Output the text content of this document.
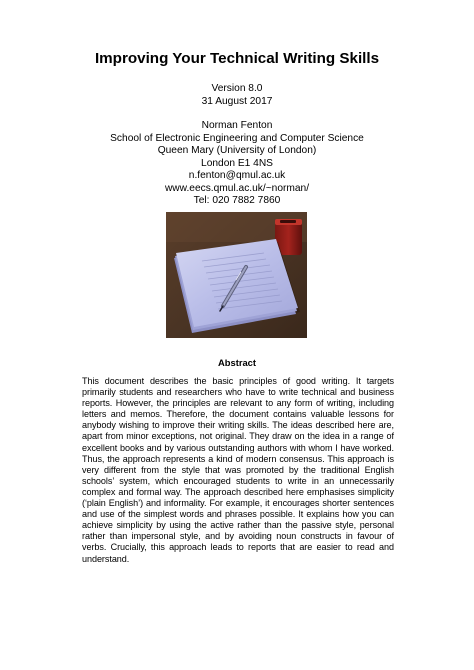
Improving Your Technical Writing Skills
Version 8.0
31 August 2017
Norman Fenton
School of Electronic Engineering and Computer Science
Queen Mary (University of London)
London E1 4NS
n.fenton@qmul.ac.uk
www.eecs.qmul.ac.uk/~norman/
Tel: 020 7882 7860
Abstract

This document describes the basic principles of good writing. It targets primarily students and researchers who have to write technical and business reports. However, the principles are relevant to any form of writing, including letters and memos. Therefore, the document contains valuable lessons for anybody wishing to improve their writing skills. The ideas described here are, apart from minor exceptions, not original. They draw on the idea in a range of excellent books and by various outstanding authors with whom I have worked. Thus, the approach represents a kind of modern consensus. This approach is very different from the style that was promoted by the traditional English schools’ system, which encouraged students to write in an unnecessarily complex and formal way. The approach described here emphasises simplicity (‘plain English’) and informality. For example, it encourages shorter sentences and use of the simplest words and phrases possible. It explains how you can achieve simplicity by using the active rather than the passive style, personal rather than impersonal style, and by avoiding noun constructs in favour of verbs. Crucially, this approach leads to reports that are easier to read and understand.
